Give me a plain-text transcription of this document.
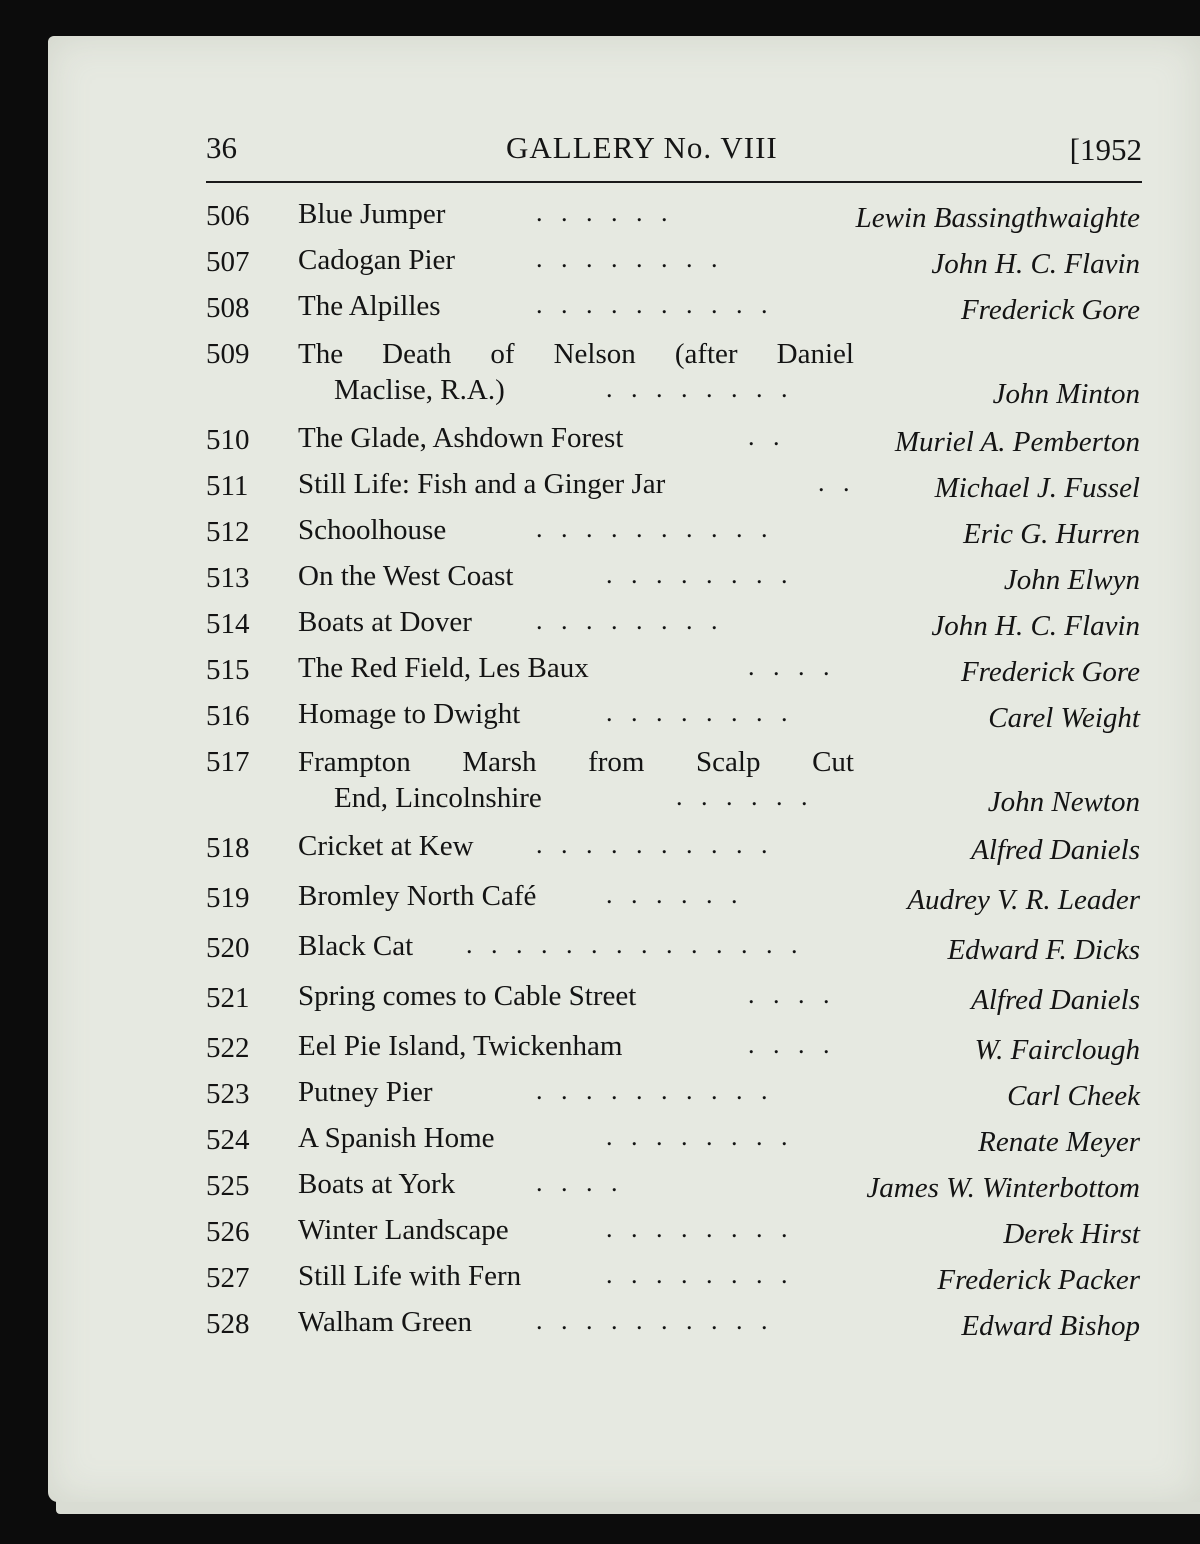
36	GALLERY No. VIII	[1952
506	Blue Jumper	. . . . . .	Lewin Bassingthwaighte
507	Cadogan Pier	. . . . . . . .	John H. C. Flavin
508	The Alpilles	. . . . . . . . . .	Frederick Gore
509	The Death of Nelson (after Daniel
Maclise, R.A.)	. . . . . . . .	John Minton
510	The Glade, Ashdown Forest	. .	Muriel A. Pemberton
511	Still Life: Fish and a Ginger Jar	. .	Michael J. Fussel
512	Schoolhouse	. . . . . . . . . .	Eric G. Hurren
513	On the West Coast	. . . . . . . .	John Elwyn
514	Boats at Dover . . . . . . . .	John H. C. Flavin
515	The Red Field, Les Baux	. . . .	Frederick Gore
516	Homage to Dwight	. . . . . . . .	Carel Weight
517	Frampton Marsh from Scalp Cut
End, Lincolnshire	. . . . . .	John Newton
518	Cricket at Kew . . . . . . . . . .	Alfred Daniels
519	Bromley North Café	. . . . . .	Audrey V. R. Leader
520	Black Cat . . . . . . . . . . . . . .	Edward F. Dicks
521	Spring comes to Cable Street	. . . .	Alfred Daniels
522	Eel Pie Island, Twickenham	. . . .	W. Fairclough
523	Putney Pier	. . . . . . . . . .	Carl Cheek
524	A Spanish Home	. . . . . . . .	Renate Meyer
525	Boats at York	. . . .	James W. Winterbottom
526	Winter Landscape	. . . . . . . .	Derek Hirst
527	Still Life with Fern	. . . . . . . .	Frederick Packer
528	Walham Green . . . . . . . . . .	Edward Bishop
